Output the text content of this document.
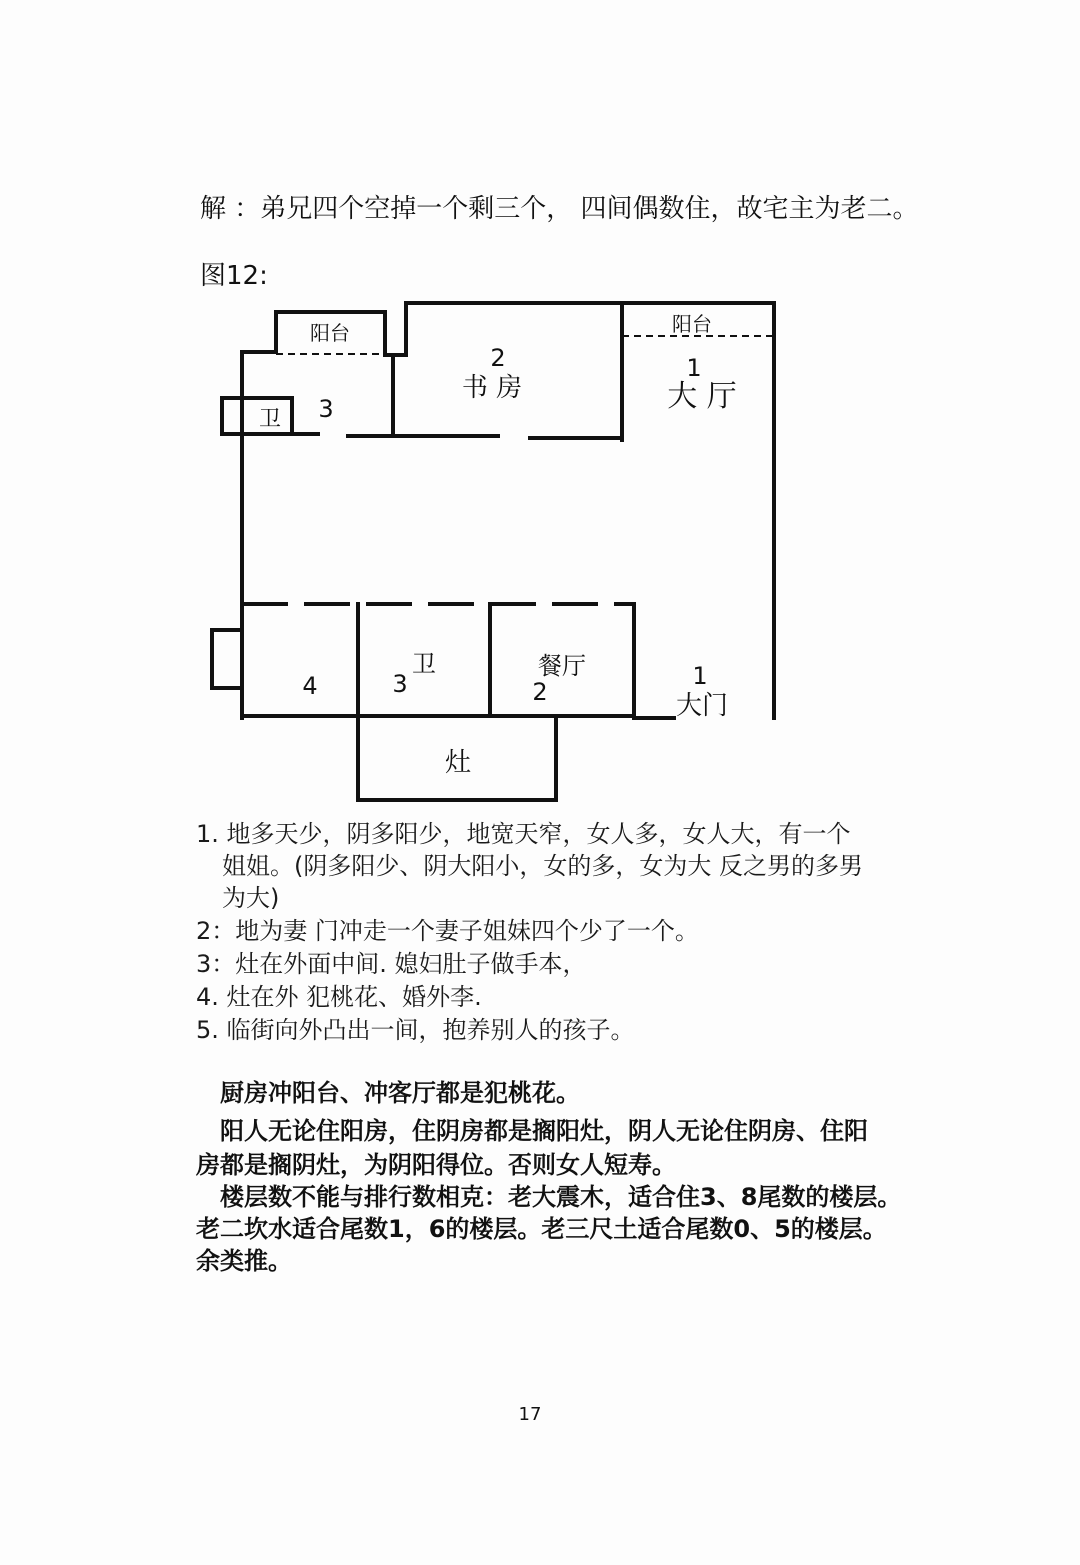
解 ：弟兄四个空掉一个剩三个， 四间偶数住，故宅主为老二。
图12:
阳台	阳台
2
书 房
1
大 厅
卫 3
4	3
卫	餐厅
2
1
大门
灶
1. 地多天少，阴多阳少，地宽天窄，女人多，女人大，有一个
姐姐。(阴多阳少、阴大阳小，女的多，女为大 反之男的多男
为大)
2：地为妻 门冲走一个妻子姐妹四个少了一个。
3：灶在外面中间. 媳妇肚子做手本，
4. 灶在外 犯桃花、婚外李.
5. 临街向外凸出一间，抱养别人的孩子。
厨房冲阳台、冲客厅都是犯桃花。
阳人无论住阳房，住阴房都是搁阳灶，阴人无论住阴房、住阳
房都是搁阴灶，为阴阳得位。否则女人短寿。
楼层数不能与排行数相克：老大震木，适合住3、8尾数的楼层。
老二坎水适合尾数1，6的楼层。老三尺土适合尾数0、5的楼层。
余类推。
17
